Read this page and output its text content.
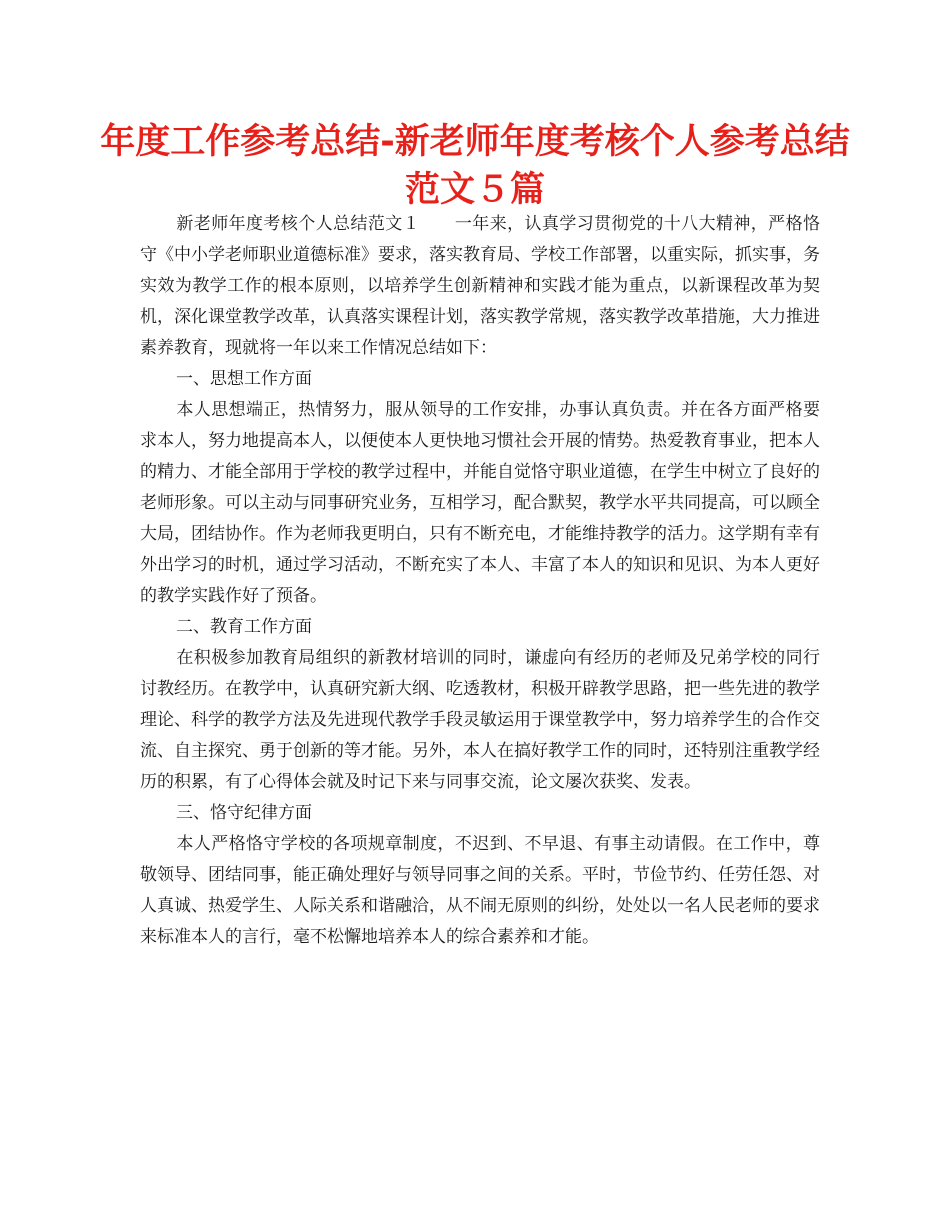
年度工作参考总结-新老师年度考核个人参考总结
范文５篇

新老师年度考核个人总结范文１　　一年来，认真学习贯彻党的十八大精神，严格恪守《中小学老师职业道德标准》要求，落实教育局、学校工作部署，以重实际，抓实事，务实效为教学工作的根本原则，以培养学生创新精神和实践才能为重点，以新课程改革为契机，深化课堂教学改革，认真落实课程计划，落实教学常规，落实教学改革措施，大力推进素养教育，现就将一年以来工作情况总结如下：

一、思想工作方面

本人思想端正，热情努力，服从领导的工作安排，办事认真负责。并在各方面严格要求本人，努力地提高本人，以便使本人更快地习惯社会开展的情势。热爱教育事业，把本人的精力、才能全部用于学校的教学过程中，并能自觉恪守职业道德，在学生中树立了良好的老师形象。可以主动与同事研究业务，互相学习，配合默契，教学水平共同提高，可以顾全大局，团结协作。作为老师我更明白，只有不断充电，才能维持教学的活力。这学期有幸有外出学习的时机，通过学习活动，不断充实了本人、丰富了本人的知识和见识、为本人更好的教学实践作好了预备。

二、教育工作方面

在积极参加教育局组织的新教材培训的同时，谦虚向有经历的老师及兄弟学校的同行讨教经历。在教学中，认真研究新大纲、吃透教材，积极开辟教学思路，把一些先进的教学理论、科学的教学方法及先进现代教学手段灵敏运用于课堂教学中，努力培养学生的合作交流、自主探究、勇于创新的等才能。另外，本人在搞好教学工作的同时，还特别注重教学经历的积累，有了心得体会就及时记下来与同事交流，论文屡次获奖、发表。

三、恪守纪律方面

本人严格恪守学校的各项规章制度，不迟到、不早退、有事主动请假。在工作中，尊敬领导、团结同事，能正确处理好与领导同事之间的关系。平时，节俭节约、任劳任怨、对人真诚、热爱学生、人际关系和谐融洽，从不闹无原则的纠纷，处处以一名人民老师的要求来标准本人的言行，毫不松懈地培养本人的综合素养和才能。
